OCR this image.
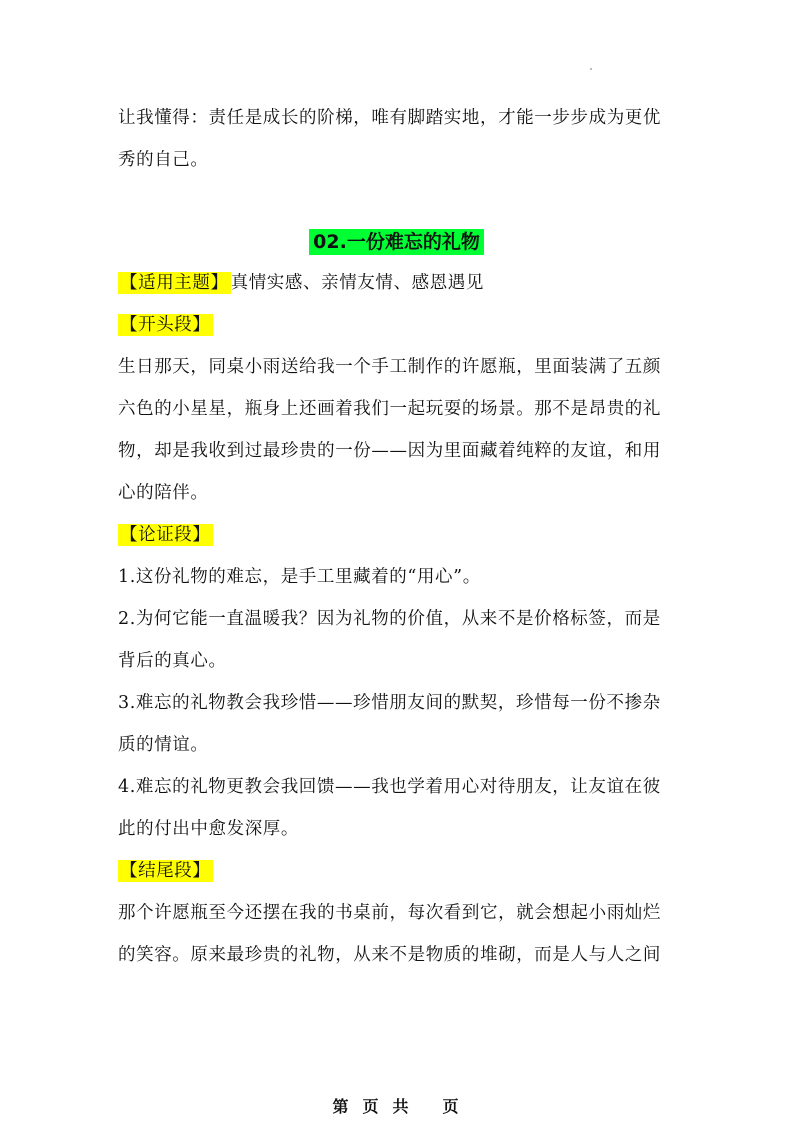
让我懂得：责任是成长的阶梯，唯有脚踏实地，才能一步步成为更优
秀的自己。
02.一份难忘的礼物
【适用主题】 真情实感、亲情友情、感恩遇见
【开头段】
生日那天，同桌小雨送给我一个手工制作的许愿瓶，里面装满了五颜
六色的小星星，瓶身上还画着我们一起玩耍的场景。那不是昂贵的礼
物，却是我收到过最珍贵的一份——因为里面藏着纯粹的友谊，和用
心的陪伴。
【论证段】
1.这份礼物的难忘，是手工里藏着的“用心”。
2.为何它能一直温暖我？因为礼物的价值，从来不是价格标签，而是
背后的真心。
3.难忘的礼物教会我珍惜——珍惜朋友间的默契，珍惜每一份不掺杂
质的情谊。
4.难忘的礼物更教会我回馈——我也学着用心对待朋友，让友谊在彼
此的付出中愈发深厚。
【结尾段】
那个许愿瓶至今还摆在我的书桌前，每次看到它，就会想起小雨灿烂
的笑容。原来最珍贵的礼物，从来不是物质的堆砌，而是人与人之间
第 页 共 页
